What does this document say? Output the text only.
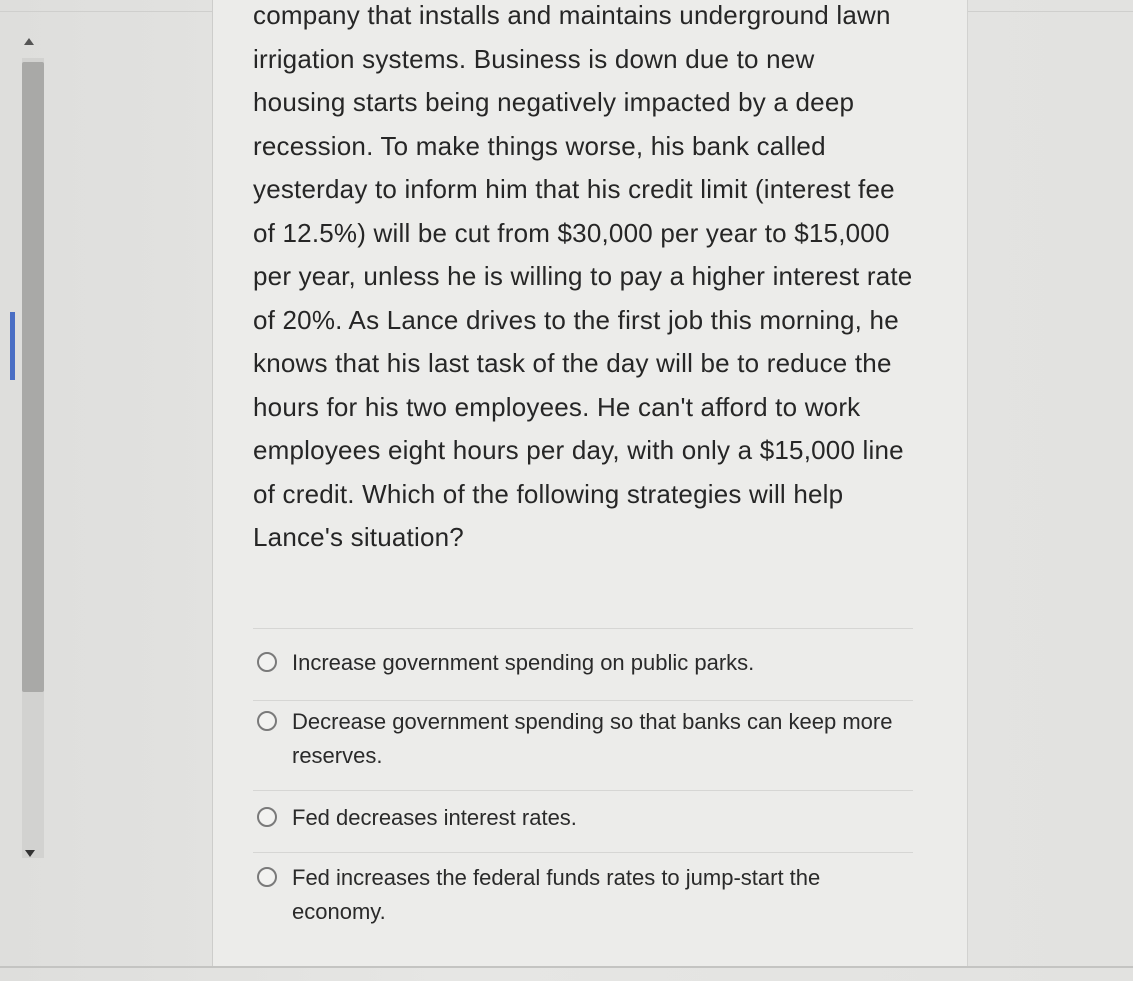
company that installs and maintains underground lawn irrigation systems. Business is down due to new housing starts being negatively impacted by a deep recession. To make things worse, his bank called yesterday to inform him that his credit limit (interest fee of 12.5%) will be cut from $30,000 per year to $15,000 per year, unless he is willing to pay a higher interest rate of 20%. As Lance drives to the first job this morning, he knows that his last task of the day will be to reduce the hours for his two employees. He can't afford to work employees eight hours per day, with only a $15,000 line of credit. Which of the following strategies will help Lance's situation?

Increase government spending on public parks.
Decrease government spending so that banks can keep more reserves.
Fed decreases interest rates.
Fed increases the federal funds rates to jump-start the economy.
